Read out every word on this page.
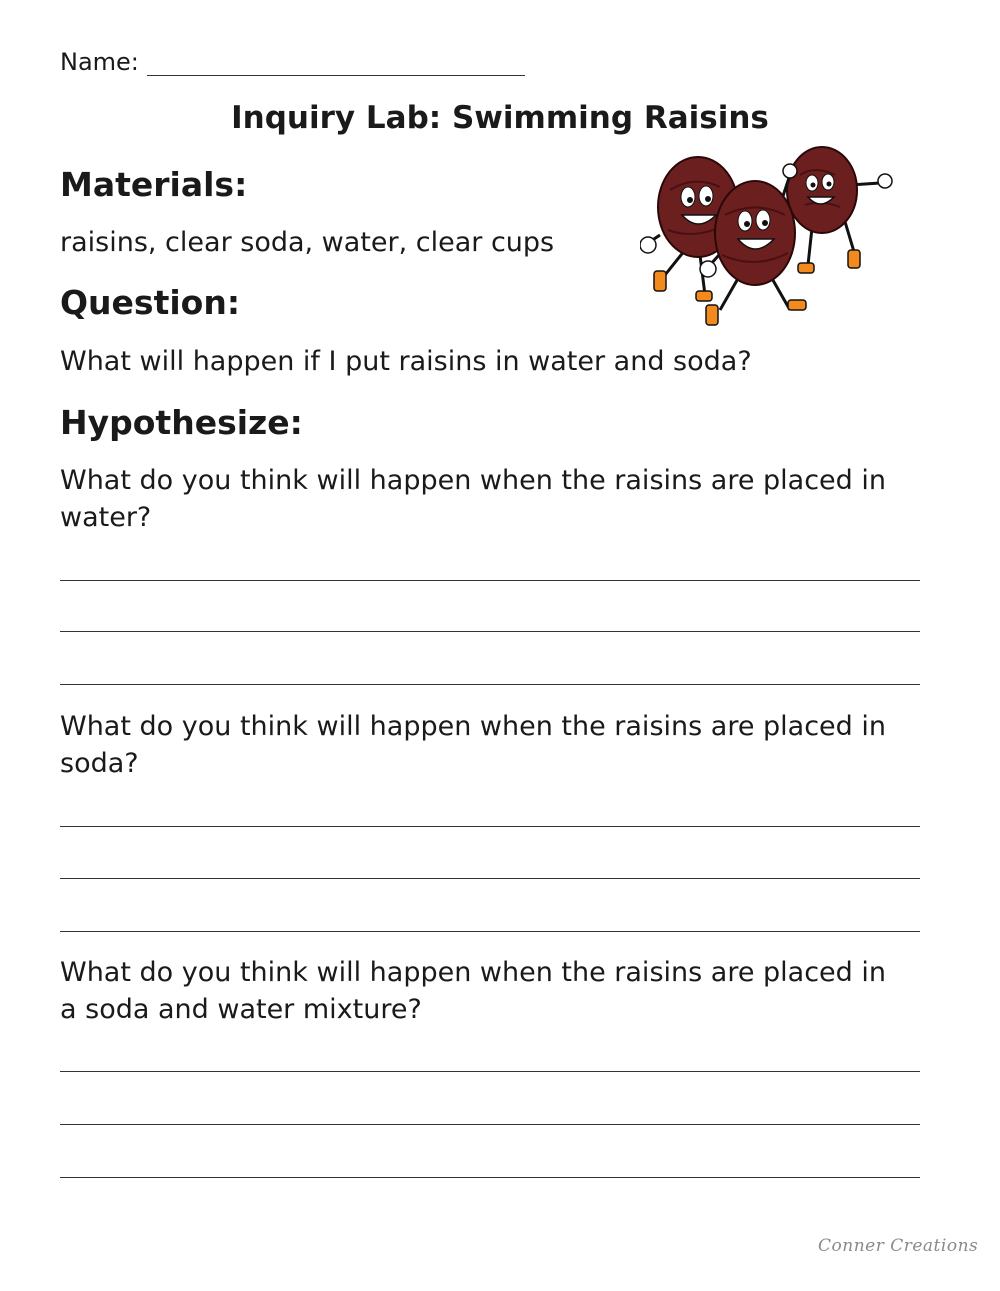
Name:
Inquiry Lab: Swimming Raisins
Materials:
raisins, clear soda, water, clear cups
Question:
What will happen if I put raisins in water and soda?
Hypothesize:
What do you think will happen when the raisins are placed in
water?
What do you think will happen when the raisins are placed in
soda?
What do you think will happen when the raisins are placed in
a soda and water mixture?
Conner Creations
